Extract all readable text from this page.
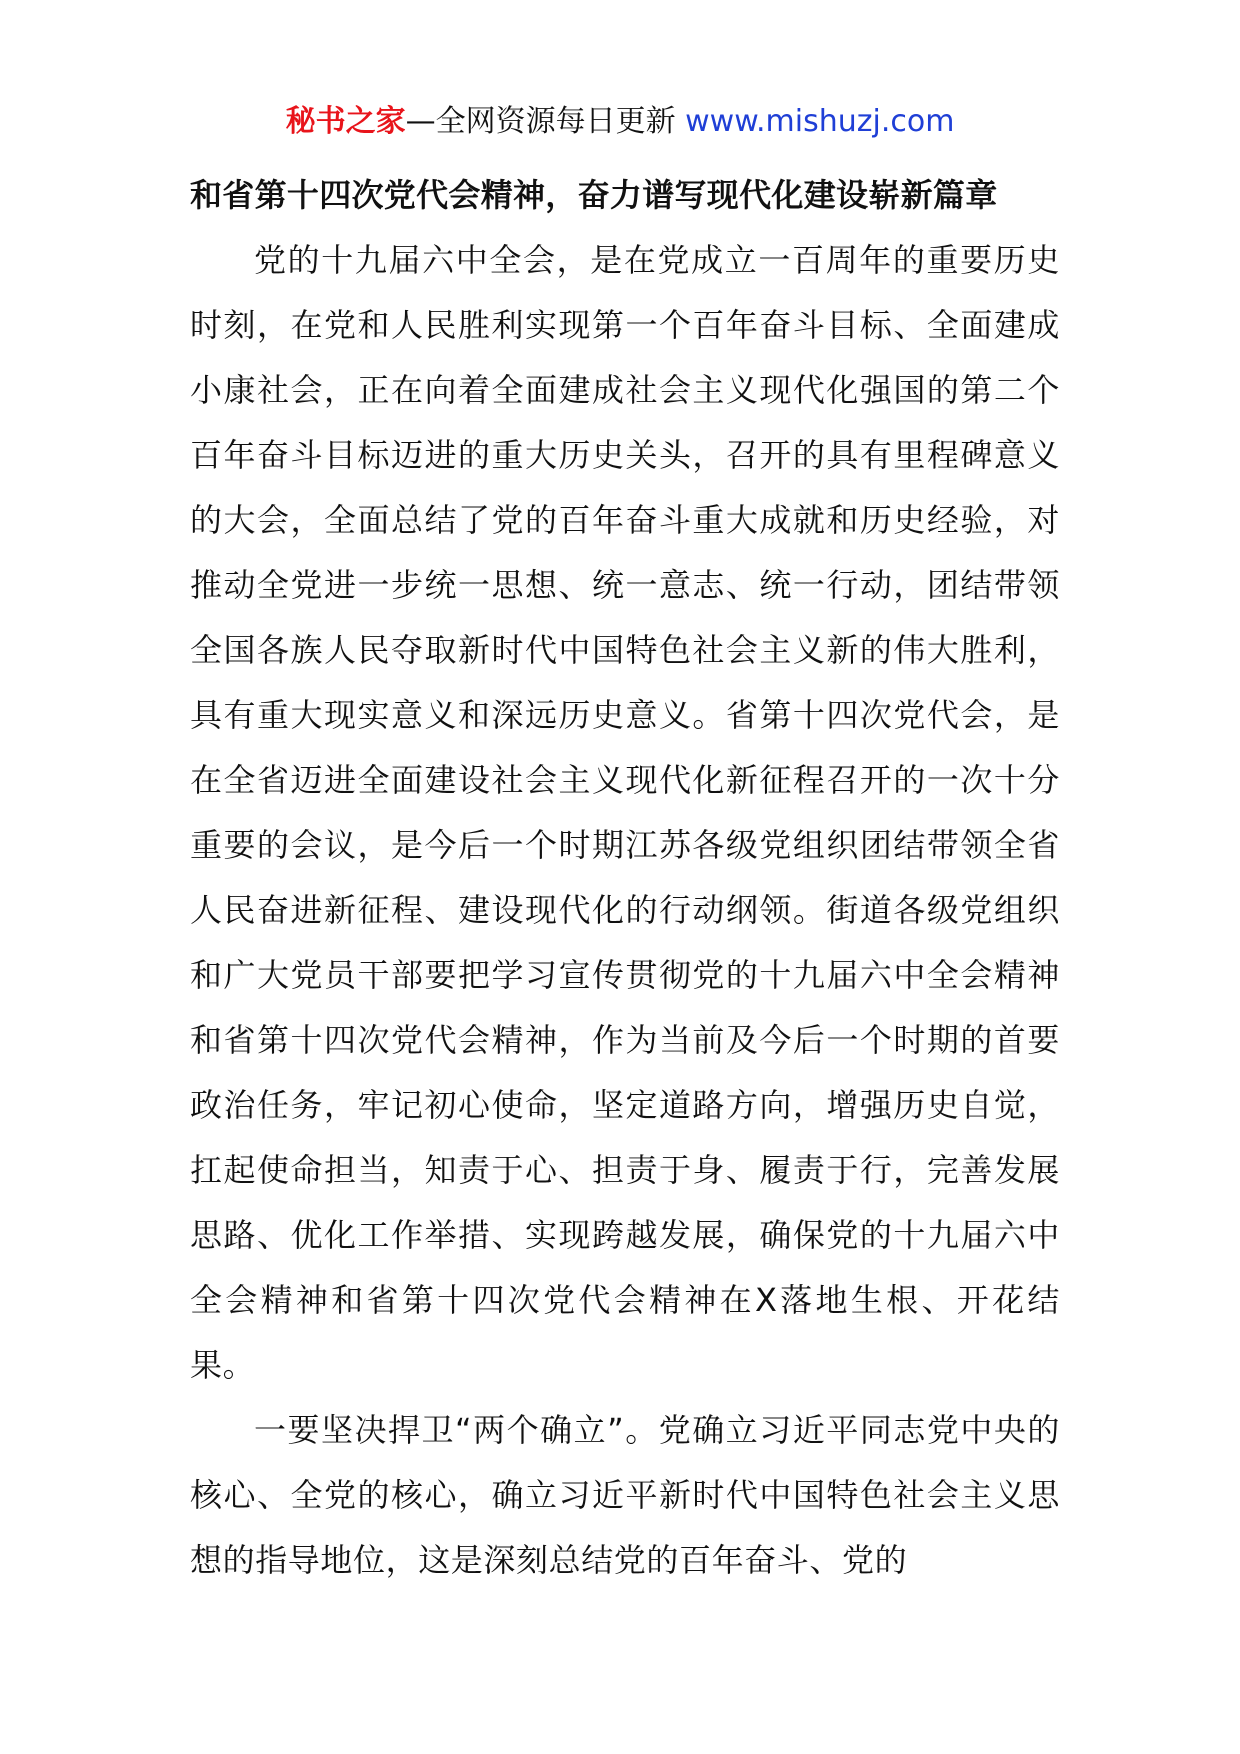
秘书之家—全网资源每日更新 www.mishuzj.com

和省第十四次党代会精神，奋力谱写现代化建设崭新篇章

党的十九届六中全会，是在党成立一百周年的重要历史时刻，在党和人民胜利实现第一个百年奋斗目标、全面建成小康社会，正在向着全面建成社会主义现代化强国的第二个百年奋斗目标迈进的重大历史关头，召开的具有里程碑意义的大会，全面总结了党的百年奋斗重大成就和历史经验，对推动全党进一步统一思想、统一意志、统一行动，团结带领全国各族人民夺取新时代中国特色社会主义新的伟大胜利，具有重大现实意义和深远历史意义。省第十四次党代会，是在全省迈进全面建设社会主义现代化新征程召开的一次十分重要的会议，是今后一个时期江苏各级党组织团结带领全省人民奋进新征程、建设现代化的行动纲领。街道各级党组织和广大党员干部要把学习宣传贯彻党的十九届六中全会精神和省第十四次党代会精神，作为当前及今后一个时期的首要政治任务，牢记初心使命，坚定道路方向，增强历史自觉，扛起使命担当，知责于心、担责于身、履责于行，完善发展思路、优化工作举措、实现跨越发展，确保党的十九届六中全会精神和省第十四次党代会精神在X落地生根、开花结果。

一要坚决捍卫“两个确立”。党确立习近平同志党中央的核心、全党的核心，确立习近平新时代中国特色社会主义思想的指导地位，这是深刻总结党的百年奋斗、党的
